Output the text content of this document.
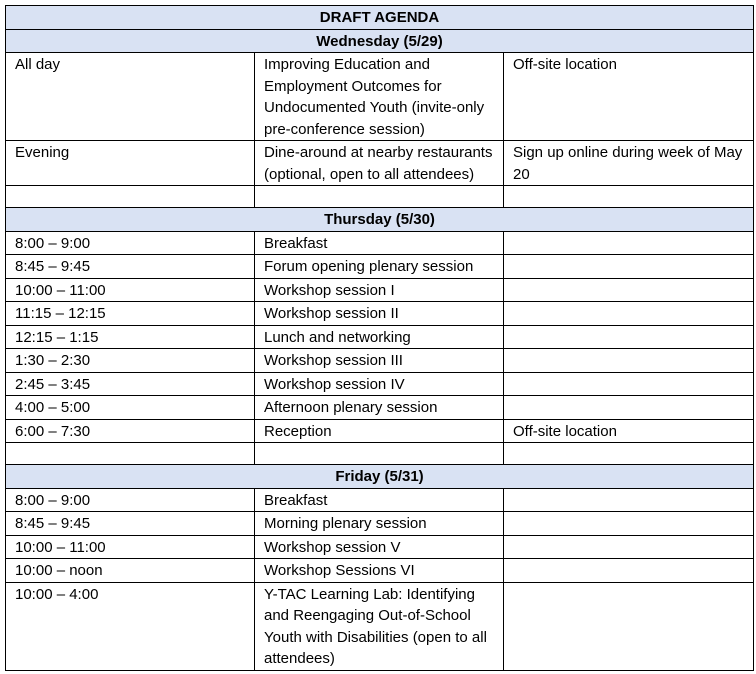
DRAFT AGENDA		
Wednesday (5/29)		
All day	Improving Education and Employment Outcomes for Undocumented Youth (invite-only pre-conference session)	Off-site location
Evening	Dine-around at nearby restaurants (optional, open to all attendees)	Sign up online during week of May 20

Thursday (5/30)		
8:00 – 9:00	Breakfast	
8:45 – 9:45	Forum opening plenary session	
10:00 – 11:00	Workshop session I	
11:15 – 12:15	Workshop session II	
12:15 – 1:15	Lunch and networking	
1:30 – 2:30	Workshop session III	
2:45 – 3:45	Workshop session IV	
4:00 – 5:00	Afternoon plenary session	
6:00 – 7:30	Reception	Off-site location

Friday (5/31)		
8:00 – 9:00	Breakfast	
8:45 – 9:45	Morning plenary session	
10:00 – 11:00	Workshop session V	
10:00 – noon	Workshop Sessions VI	
10:00 – 4:00	Y-TAC Learning Lab: Identifying and Reengaging Out-of-School Youth with Disabilities (open to all attendees)	
